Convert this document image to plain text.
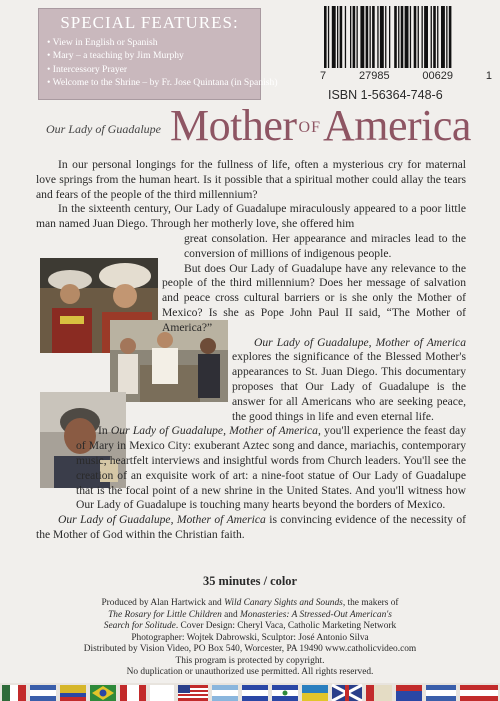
SPECIAL FEATURES:
• View in English or Spanish
• Mary – a teaching by Jim Murphy
• Intercessory Prayer
• Welcome to the Shrine – by Fr. Jose Quintana (in Spanish)
7	27985	00629	1
ISBN 1-56364-748-6
Our Lady of Guadalupe Mother OFAmerica

In our personal longings for the fullness of life, often a mysterious cry for maternal love springs from the human heart. Is it possible that a spiritual mother could allay the tears and fears of the people of the third millennium?

In the sixteenth century, Our Lady of Guadalupe miraculously appeared to a poor little man named Juan Diego. Through her motherly love, she offered him

great consolation. Her appearance and miracles lead to the conversion of millions of indigenous people.

But does Our Lady of Guadalupe have any relevance to the people of the third millennium? Does her message of salvation and peace cross cultural barriers or is she only the Mother of Mexico? Is she as Pope John Paul II said, “The Mother of America?”

Our Lady of Guadalupe, Mother of America explores the significance of the Blessed Mother's appearances to St. Juan Diego. This documentary proposes that Our Lady of Guadalupe is the answer for all Americans who are seeking peace, the good things in life and even eternal life.

In Our Lady of Guadalupe, Mother of America, you'll experience the feast day of Mary in Mexico City: exuberant Aztec song and dance, mariachis, contemporary music, heartfelt interviews and insightful words from Church leaders. You'll see the creation of an exquisite work of art: a nine-foot statue of Our Lady of Guadalupe that is the focal point of a new shrine in the United States. And you'll witness how Our Lady of Guadalupe is touching many hearts beyond the borders of Mexico.

Our Lady of Guadalupe, Mother of America is convincing evidence of the necessity of the Mother of God within the Christian faith.

35 minutes / color
Produced by Alan Hartwick and Wild Canary Sights and Sounds, the makers of
The Rosary for Little Children and Monasteries: A Stressed-Out American's
Search for Solitude. Cover Design: Cheryl Vaca, Catholic Marketing Network
Photographer: Wojtek Dabrowski, Sculptor: José Antonio Silva
Distributed by Vision Video, PO Box 540, Worcester, PA 19490 www.catholicvideo.com
This program is protected by copyright.
No duplication or unauthorized use permitted. All rights reserved.
